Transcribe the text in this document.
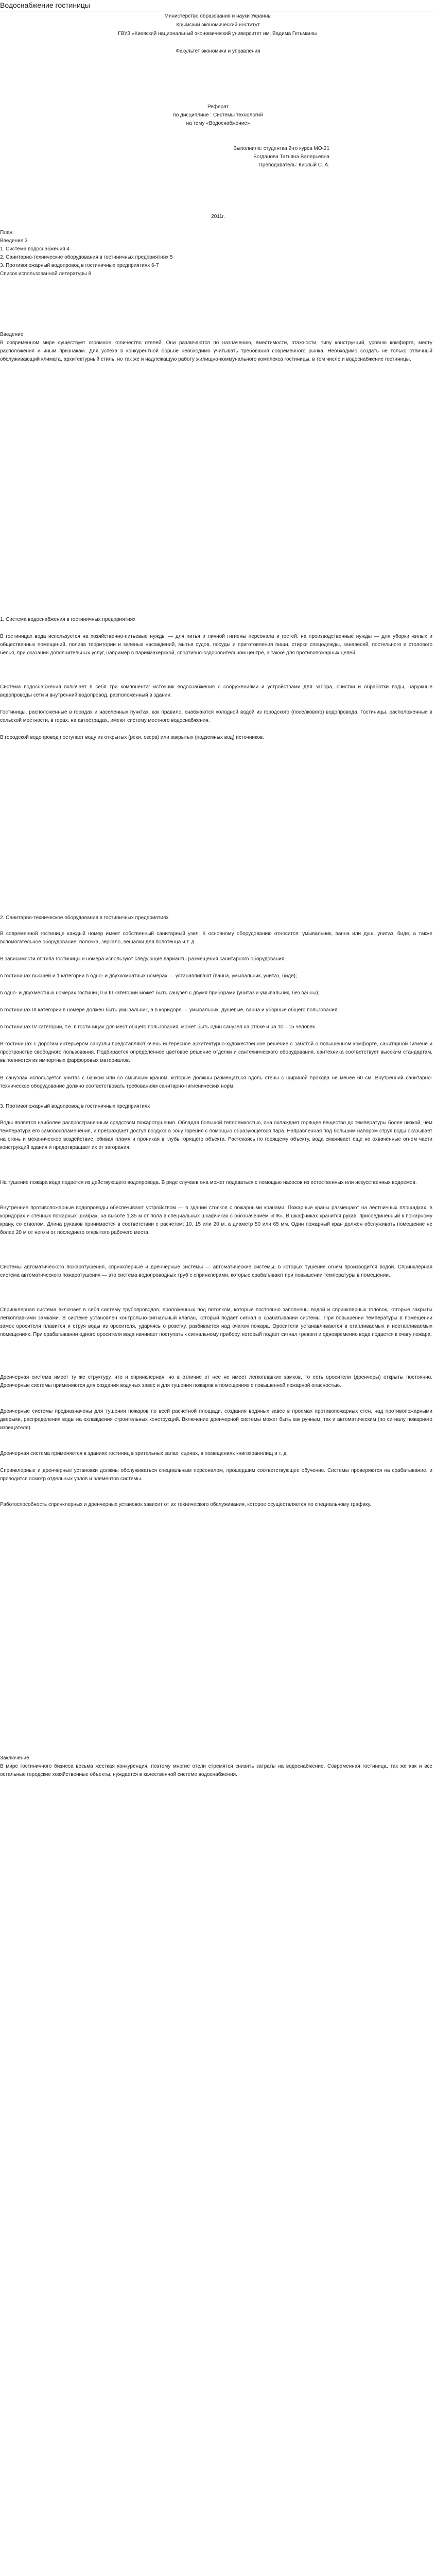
Водоснабжение гостиницы
Министерство образования и науки Украины
Крымский экономический институт
ГВУЗ «Киевский национальный экономический университет им. Вадима Гетьмана»
Факультет экономики и управления
Реферат
по дисциплине : Системы технологий
на тему «Водоснабжение»
Выполнила: студентка 2-го курса МО-21
Богданова Татьяна Валерьевна
Преподаватель: Кислый С. А.
2011г.
План:
Введение 3
1. Система водоснабжения 4
2. Санитарно-технические оборудования в гостиничных предприятиях 5
3. Противопожарный водопровод в гостиничных предприятиях 6-7
Список использованной литературы 8
Введение
В современном мире существует огромное количество отелей. Они различаются по назначению, вместимости, этажности, типу конструкций, уровню комфорта, месту расположения и иным признакам. Для успеха в конкурентной борьбе необходимо учитывать требования современного рынка. Необходимо создать не только отличный обслуживающий климата, архитектурный стиль, но так же и надлежащую работу жилищно-коммунального комплекса гостиницы, в том числе и водоснабжение гостиницы.
1. Система водоснабжения в гостиничных предприятиях
В гостиницах вода используется на хозяйственно-питьевые нужды — для питья и личной гигиены персонала и гостей, на производственные нужды — для уборки жилых и общественных помещений, полива территории и зеленых насаждений, мытья судов, посуды и приготовления пищи, стирки спецодежды, занавесей, постельного и столового белья, при оказании дополнительных услуг, например в парикмахерской, спортивно-оздоровительном центре, а также для противопожарных целей.
Система водоснабжения включает в себя три компонента: источник водоснабжения с сооружениями и устройствами для забора, очистки и обработки воды, наружные водопроводы сети и внутренний водопровод, расположенный в здании.
Гостиницы, расположенные в городах и населенных пунктах, как правило, снабжаются холодной водой из городского (поселкового) водопровода. Гостиницы, расположенные в сельской местности, в горах, на автострадах, имеют систему местного водоснабжения.
В городской водопровод поступает воду из открытых (реки, озера) или закрытых (подземных вод) источников.
2. Санитарно-техническое оборудования в гостиничных предприятиях
В современной гостинице каждый номер имеет собственный санитарный узел. К основному оборудованию относится: умывальник, ванна или душ, унитаз, биде, а также вспомогательное оборудование: полочка, зеркало, вешалки для полотенца и т. д.
В зависимости от типа гостиницы и номера используют следующие варианты размещения санитарного оборудования:
в гостиницах высшей и 1 категории в одно- и двухкомнатных номерах — устанавливают (ванна, умывальник, унитаз, биде);
в одно- и двухместных номерах гостиниц II и III категории может быть санузел с двумя приборами (унитаз и умывальник, без ванны);
в гостиницах III категории в номере должен быть умывальник, а в коридоре — умывальник, душевые, ванна и уборные общего пользования;
в гостиницах IV категории, т.е. в гостиницах для мест общего пользования, может быть один санузел на этаже и на 10—15 человек.
В гостиницах с дорогим интерьером санузлы представляют очень интересное архитектурно-художественное решение с заботой о повышенном комфорте, санитарной гигиене и пространстве свободного пользования. Подбирается определенное цветовое решение отделки и сантехнического оборудования, сантехника соответствует высоким стандартам, выполняется из импортных фарфоровых материалов.
В санузлах используется унитаз с бачком или со смывным краном, которые должны размещаться вдоль стены с шириной прохода не менее 60 см. Внутренний санитарно-техническое оборудование должно соответствовать требованиям санитарно-гигиенических норм.
3. Противопожарный водопровод в гостиничных предприятиях
Воды является наиболее распространенным средством пожаротушения. Обладая большой теплоемкостью, она охлаждает горящее вещество до температуры более низкой, чем температура его самовоспламенения, и преграждает доступ воздуха в зону горения с помощью образующегося пара. Направленная под большим напором струя воды оказывает на огонь и механическое воздействие, сбивая пламя и проникая в глубь горящего объекта. Растекаясь по горящему объекту, вода смачивает еще не охваченные огнем части конструкций здания и предотвращает их от загорания.
На тушение пожара вода подается из действующего водопровода. В ряде случаев она может подаваться с помощью насосов из естественных или искусственных водоемов.
Внутренние противопожарные водопроводы обеспечивают устройством — в здании стояков с пожарными кранами. Пожарные краны размещают на лестничных площадках, в коридорах и стенных пожарных шкафах, на высоте 1,35 м от пола в специальных шкафчиках с обозначением «ПК». В шкафчиках хранится рукав, присоединенный к пожарному крану, со стволом. Длина рукавов принимается в соответствии с расчетом: 10, 15 или 20 м, а диаметр 50 или 65 мм. Один пожарный кран должен обслуживать помещение не более 20 м от него и от последнего открытого рабочего места.
Системы автоматического пожаротушения, спринклерные и дренчерные системы — автоматические системы, в которых тушение огнем производится водой. Спринклерная система автоматического пожаротушения — это система водопроводных труб с спринклерами, которые срабатывают при повышении температуры в помещении.
Спринклерная система включает в себя систему трубопроводов, проложенных под потолком, которые постоянно заполнены водой и спринклерных головок, которые закрыты легкоплавкими замками. В системе установлен контрольно-сигнальный клапан, который подает сигнал о срабатывании системы. При повышении температуры в помещении замок оросителя плавится и струя воды из оросителя, ударяясь о розетку, разбивается над очагом пожара. Оросители устанавливаются в отапливаемых и неотапливаемых помещениях. При срабатывании одного оросителя вода начинает поступать к сигнальному прибору, который подает сигнал тревоги и одновременно вода подается к очагу пожара.
Дренчерная система имеет ту же структуру, что и спринклерная, но в отличие от нее не имеет легкоплавких замков, то есть оросители (дренчеры) открыты постоянно. Дренчерные системы применяются для создания водяных завес и для тушения пожаров в помещениях с повышенной пожарной опасностью.
Дренчерные системы предназначены для тушения пожаров по всей расчетной площади, создания водяных завес в проемах противопожарных стен, над противопожарными дверьми, распределения воды на охлаждения строительных конструкций. Включение дренчерной системы может быть как ручным, так и автоматическим (по сигналу пожарного извещателя).
Дренчерная система применяется в зданиях гостиниц в зрительных залах, сценах, в помещениях книгохранилищ и т. д.
Спринклерные и дренчерные установки должны обслуживаться специальным персоналом, прошедшим соответствующее обучение. Системы проверяются на срабатывание, и проводится осмотр отдельных узлов и элементов системы.
Работоспособность спринклерных и дренчерных установок зависит от их технического обслуживания, которое осуществляется по специальному графику.
Заключение
В мире гостиничного бизнеса весьма жесткая конкуренция, поэтому многие отели стремятся снизить затраты на водоснабжение. Современная гостиница, так же как и все остальные городские хозяйственные объекты, нуждается в качественной системе водоснабжения.
